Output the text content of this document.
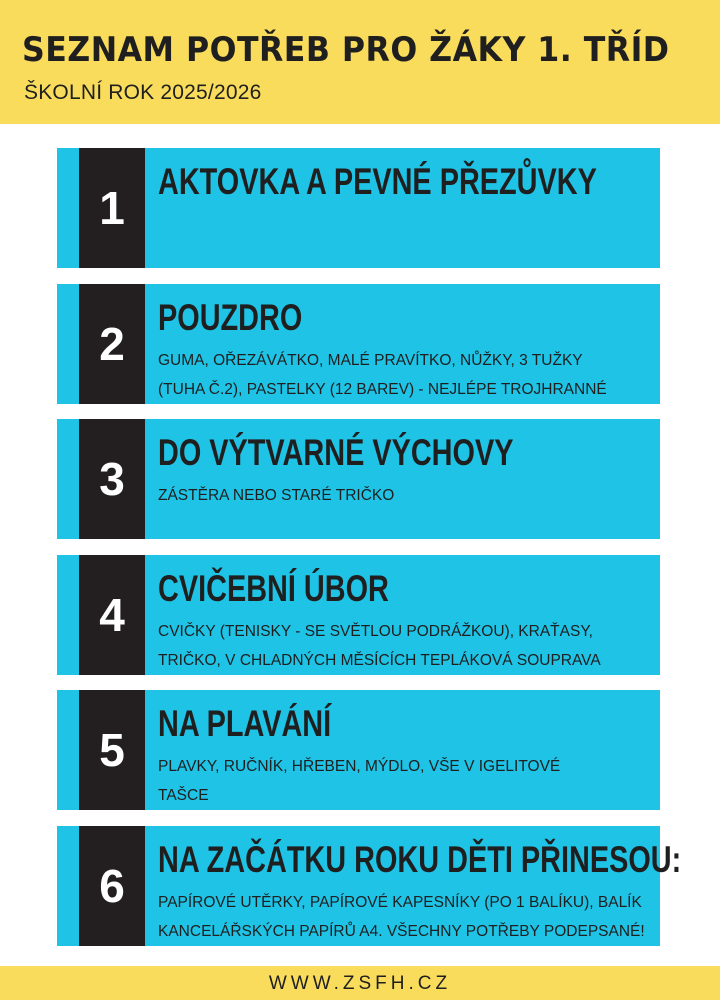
SEZNAM POTŘEB PRO ŽÁKY 1. TŘÍD

ŠKOLNÍ ROK 2025/2026

1
AKTOVKA A PEVNÉ PŘEZŮVKY

2
POUZDRO

GUMA, OŘEZÁVÁTKO, MALÉ PRAVÍTKO, NŮŽKY, 3 TUŽKY
(TUHA Č.2), PASTELKY (12 BAREV) - NEJLÉPE TROJHRANNÉ

3
DO VÝTVARNÉ VÝCHOVY

ZÁSTĚRA NEBO STARÉ TRIČKO

4
CVIČEBNÍ ÚBOR

CVIČKY (TENISKY - SE SVĚTLOU PODRÁŽKOU), KRAŤASY,
TRIČKO, V CHLADNÝCH MĚSÍCÍCH TEPLÁKOVÁ SOUPRAVA

5
NA PLAVÁNÍ

PLAVKY, RUČNÍK, HŘEBEN, MÝDLO, VŠE V IGELITOVÉ
TAŠCE

6
NA ZAČÁTKU ROKU DĚTI PŘINESOU:

PAPÍROVÉ UTĚRKY, PAPÍROVÉ KAPESNÍKY (PO 1 BALÍKU), BALÍK
KANCELÁŘSKÝCH PAPÍRŮ A4. VŠECHNY POTŘEBY PODEPSANÉ!

WWW.ZSFH.CZ
